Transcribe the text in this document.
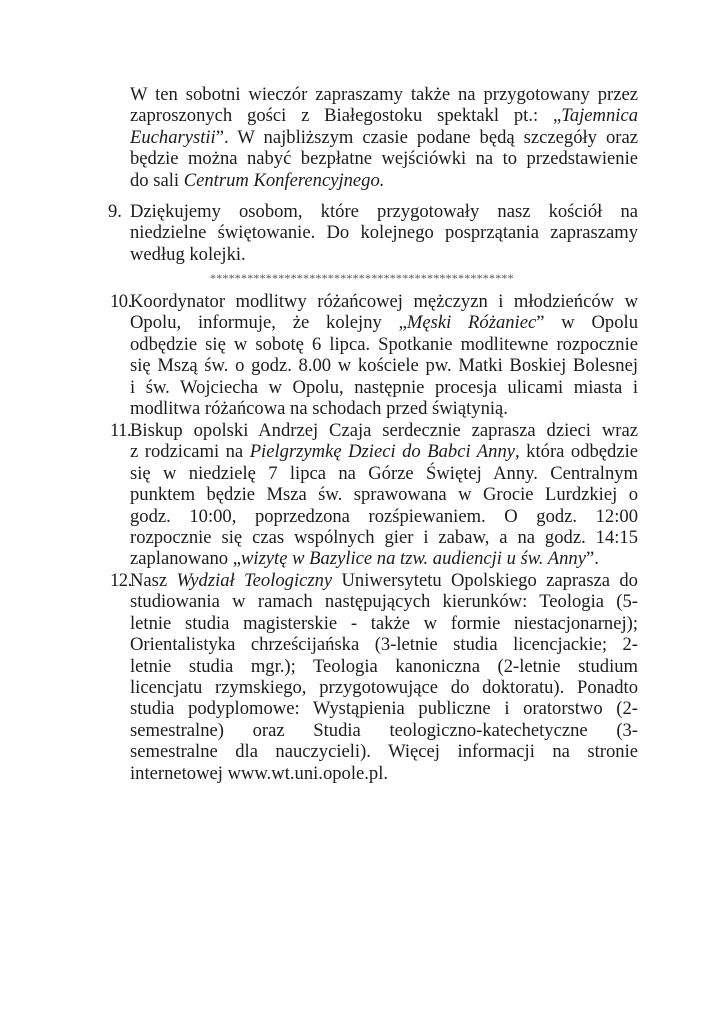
W ten sobotni wieczór zapraszamy także na przygotowany przez
zaproszonych gości z Białegostoku spektakl pt.: „Tajemnica
Eucharystii”. W najbliższym czasie podane będą szczegóły oraz
będzie można nabyć bezpłatne wejściówki na to przedstawienie
do sali Centrum Konferencyjnego.
9. Dziękujemy osobom, które przygotowały nasz kościół na
niedzielne świętowanie. Do kolejnego posprzątania zapraszamy
według kolejki.
*************************************************
10.
Koordynator modlitwy różańcowej mężczyzn i młodzieńców w
Opolu, informuje, że kolejny „Męski Różaniec” w Opolu
odbędzie się w sobotę 6 lipca. Spotkanie modlitewne rozpocznie
się Mszą św. o godz. 8.00 w kościele pw. Matki Boskiej Bolesnej
i św. Wojciecha w Opolu, następnie procesja ulicami miasta i
modlitwa różańcowa na schodach przed świątynią.
11.
Biskup opolski Andrzej Czaja serdecznie zaprasza dzieci wraz
z rodzicami na Pielgrzymkę Dzieci do Babci Anny, która odbędzie
się w niedzielę 7 lipca na Górze Świętej Anny. Centralnym
punktem będzie Msza św. sprawowana w Grocie Lurdzkiej o
godz. 10:00, poprzedzona rozśpiewaniem. O godz. 12:00
rozpocznie się czas wspólnych gier i zabaw, a na godz. 14:15
zaplanowano „wizytę w Bazylice na tzw. audiencji u św. Anny”.
12.
Nasz Wydział Teologiczny Uniwersytetu Opolskiego zaprasza do
studiowania w ramach następujących kierunków: Teologia (5-
letnie studia magisterskie - także w formie niestacjonarnej);
Orientalistyka chrześcijańska (3-letnie studia licencjackie; 2-
letnie studia mgr.); Teologia kanoniczna (2-letnie studium
licencjatu rzymskiego, przygotowujące do doktoratu). Ponadto
studia podyplomowe: Wystąpienia publiczne i oratorstwo (2-
semestralne) oraz Studia teologiczno-katechetyczne (3-
semestralne dla nauczycieli). Więcej informacji na stronie
internetowej www.wt.uni.opole.pl.
